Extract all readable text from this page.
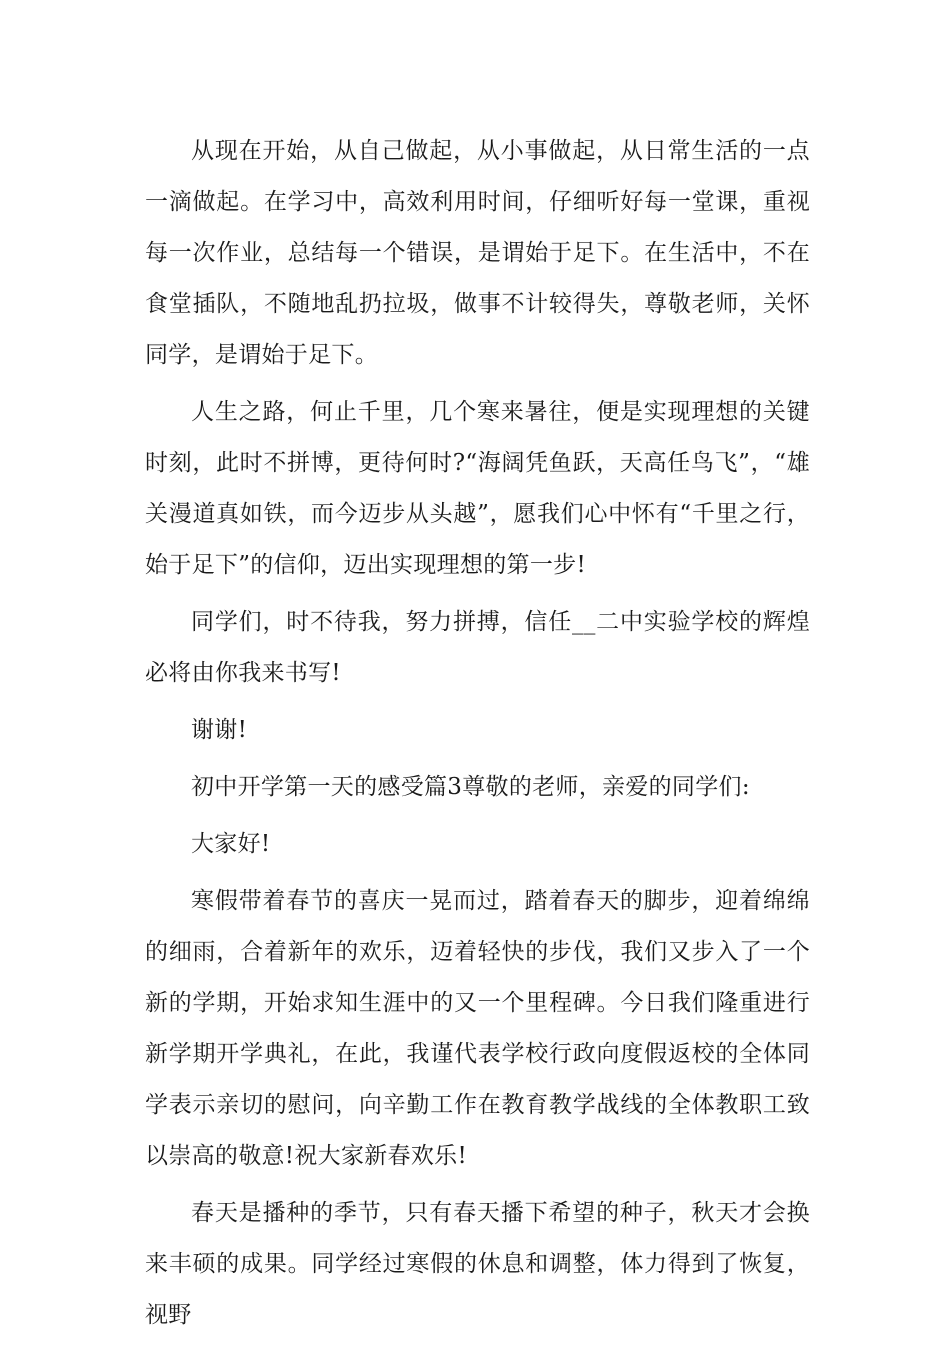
从现在开始，从自己做起，从小事做起，从日常生活的一点一滴做起。在学习中，高效利用时间，仔细听好每一堂课，重视每一次作业，总结每一个错误，是谓始于足下。在生活中，不在食堂插队，不随地乱扔拉圾，做事不计较得失，尊敬老师，关怀同学，是谓始于足下。

人生之路，何止千里，几个寒来暑往，便是实现理想的关键时刻，此时不拼博，更待何时?“海阔凭鱼跃，天高任鸟飞”，“雄关漫道真如铁，而今迈步从头越”，愿我们心中怀有“千里之行，始于足下”的信仰，迈出实现理想的第一步!

同学们，时不待我，努力拼搏，信任__二中实验学校的辉煌必将由你我来书写!

谢谢!

初中开学第一天的感受篇3尊敬的老师，亲爱的同学们:

大家好!

寒假带着春节的喜庆一晃而过，踏着春天的脚步，迎着绵绵的细雨，合着新年的欢乐，迈着轻快的步伐，我们又步入了一个新的学期，开始求知生涯中的又一个里程碑。今日我们隆重进行新学期开学典礼，在此，我谨代表学校行政向度假返校的全体同学表示亲切的慰问，向辛勤工作在教育教学战线的全体教职工致以崇高的敬意!祝大家新春欢乐!

春天是播种的季节，只有春天播下希望的种子，秋天才会换来丰硕的成果。同学经过寒假的休息和调整，体力得到了恢复，视野
